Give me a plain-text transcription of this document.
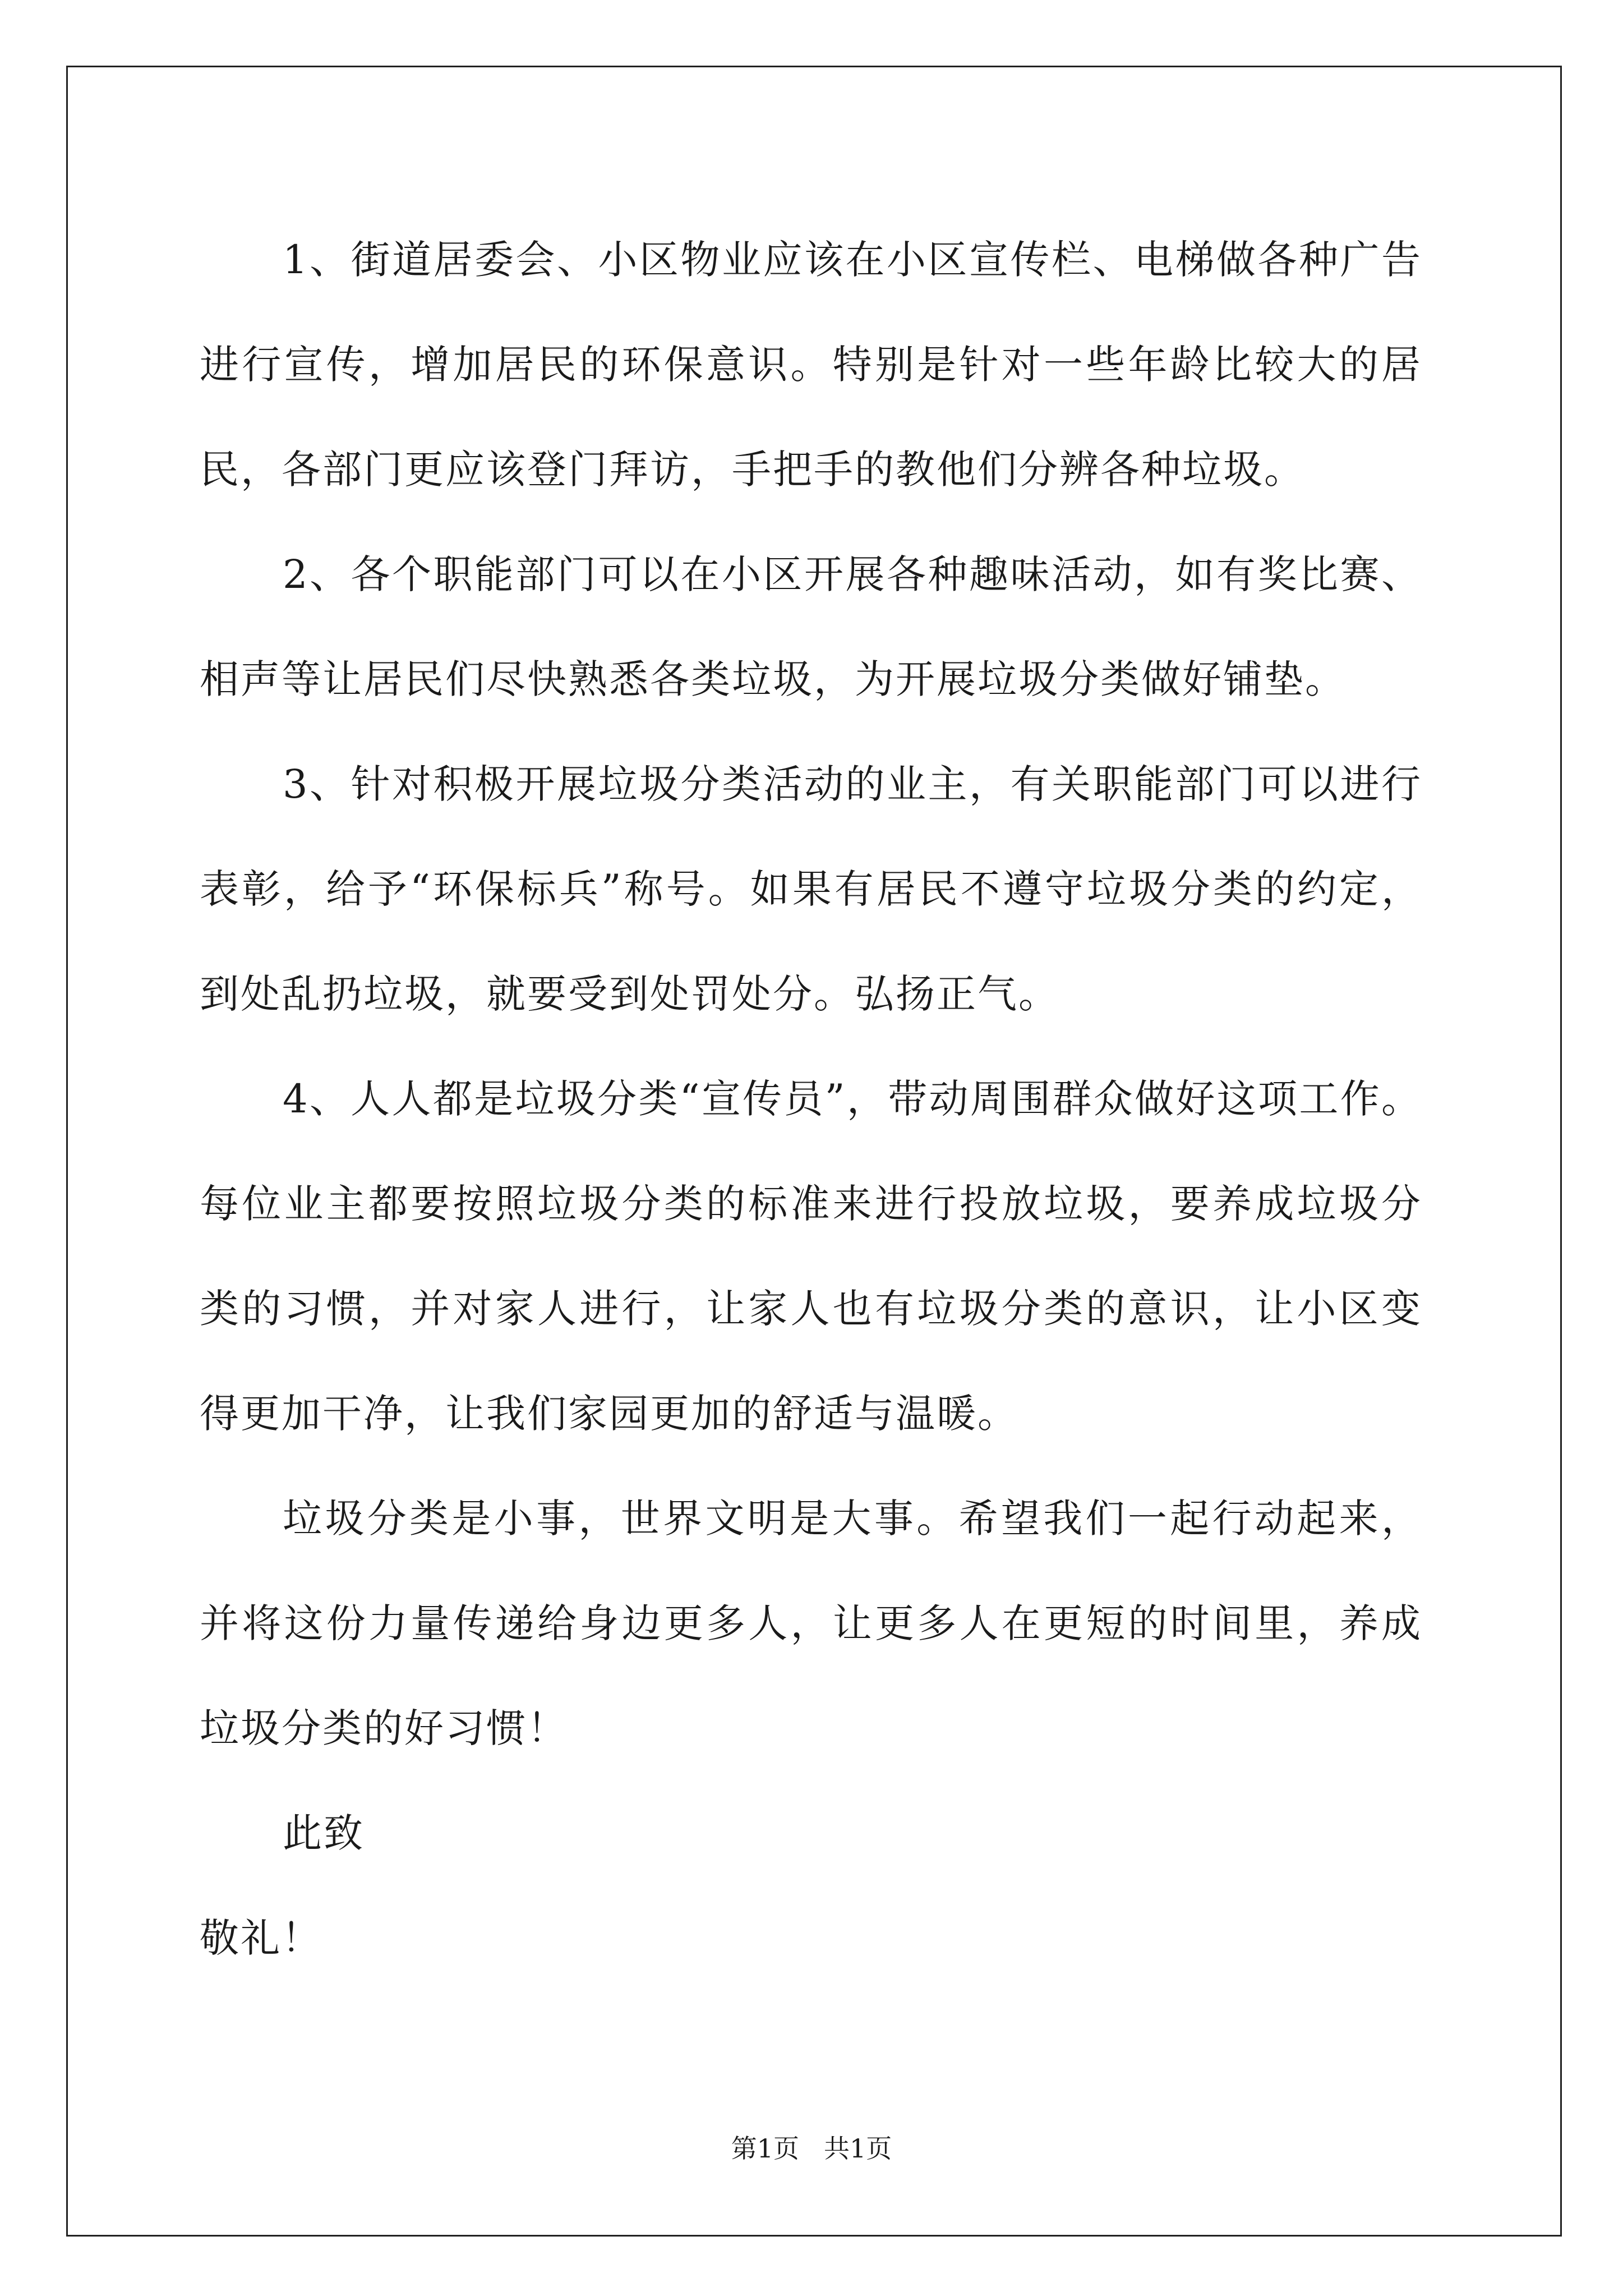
1、街道居委会、小区物业应该在小区宣传栏、电梯做各种广告进行宣传，增加居民的环保意识。特别是针对一些年龄比较大的居民，各部门更应该登门拜访，手把手的教他们分辨各种垃圾。

2、各个职能部门可以在小区开展各种趣味活动，如有奖比赛、相声等让居民们尽快熟悉各类垃圾，为开展垃圾分类做好铺垫。

3、针对积极开展垃圾分类活动的业主，有关职能部门可以进行表彰，给予“环保标兵”称号。如果有居民不遵守垃圾分类的约定，到处乱扔垃圾，就要受到处罚处分。弘扬正气。

4、人人都是垃圾分类“宣传员”，带动周围群众做好这项工作。每位业主都要按照垃圾分类的标准来进行投放垃圾，要养成垃圾分类的习惯，并对家人进行，让家人也有垃圾分类的意识，让小区变得更加干净，让我们家园更加的舒适与温暖。

垃圾分类是小事，世界文明是大事。希望我们一起行动起来，并将这份力量传递给身边更多人，让更多人在更短的时间里，养成垃圾分类的好习惯！

此致

敬礼！

第1页 共1页
